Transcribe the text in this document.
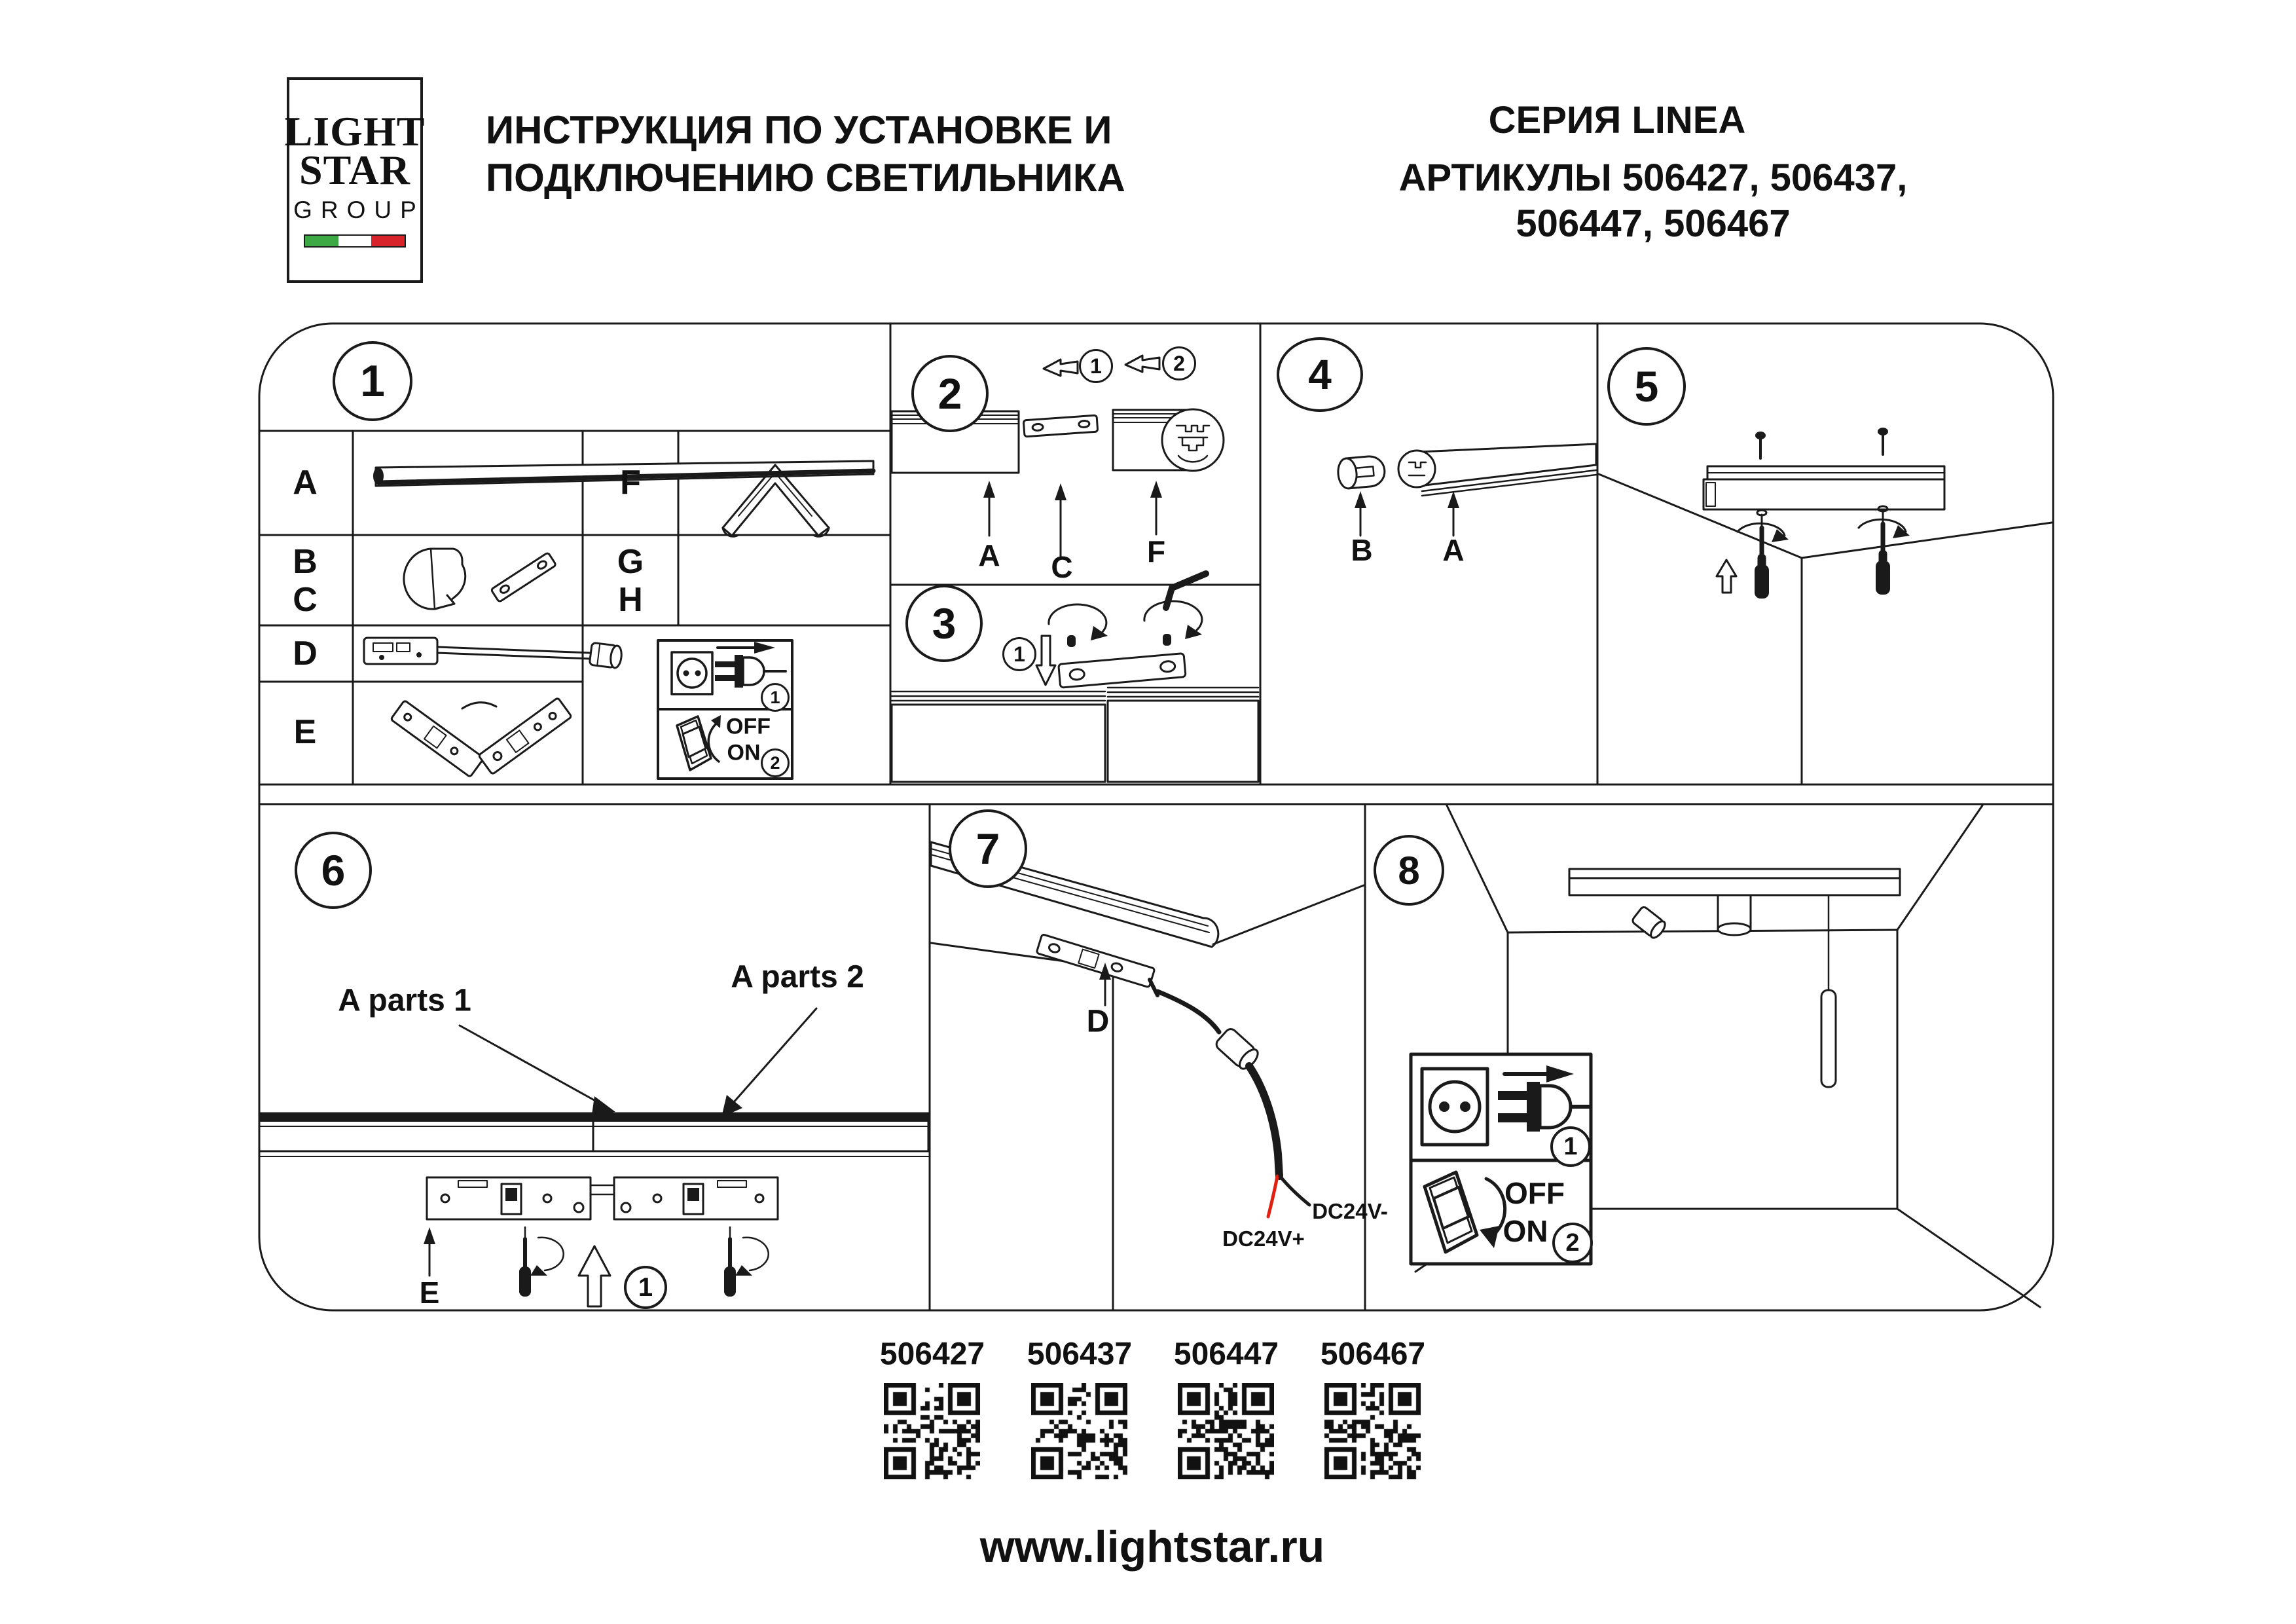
LIGHT
STAR
GROUP
ИНСТРУКЦИЯ ПО УСТАНОВКЕ И
ПОДКЛЮЧЕНИЮ СВЕТИЛЬНИКА
СЕРИЯ LINEA
АРТИКУЛЫ 506427, 506437,
506447, 506467
1	2
3
4	5
6	7	8
1	2
1
1
2
1
1
2
A
B
C
D
E
F
G
H
A C F	B A
E
D
A parts 1
A parts 2
DC24V+
DC24V-
OFF
ON
OFF
ON
506427 506437 506447 506467
www.lightstar.ru
